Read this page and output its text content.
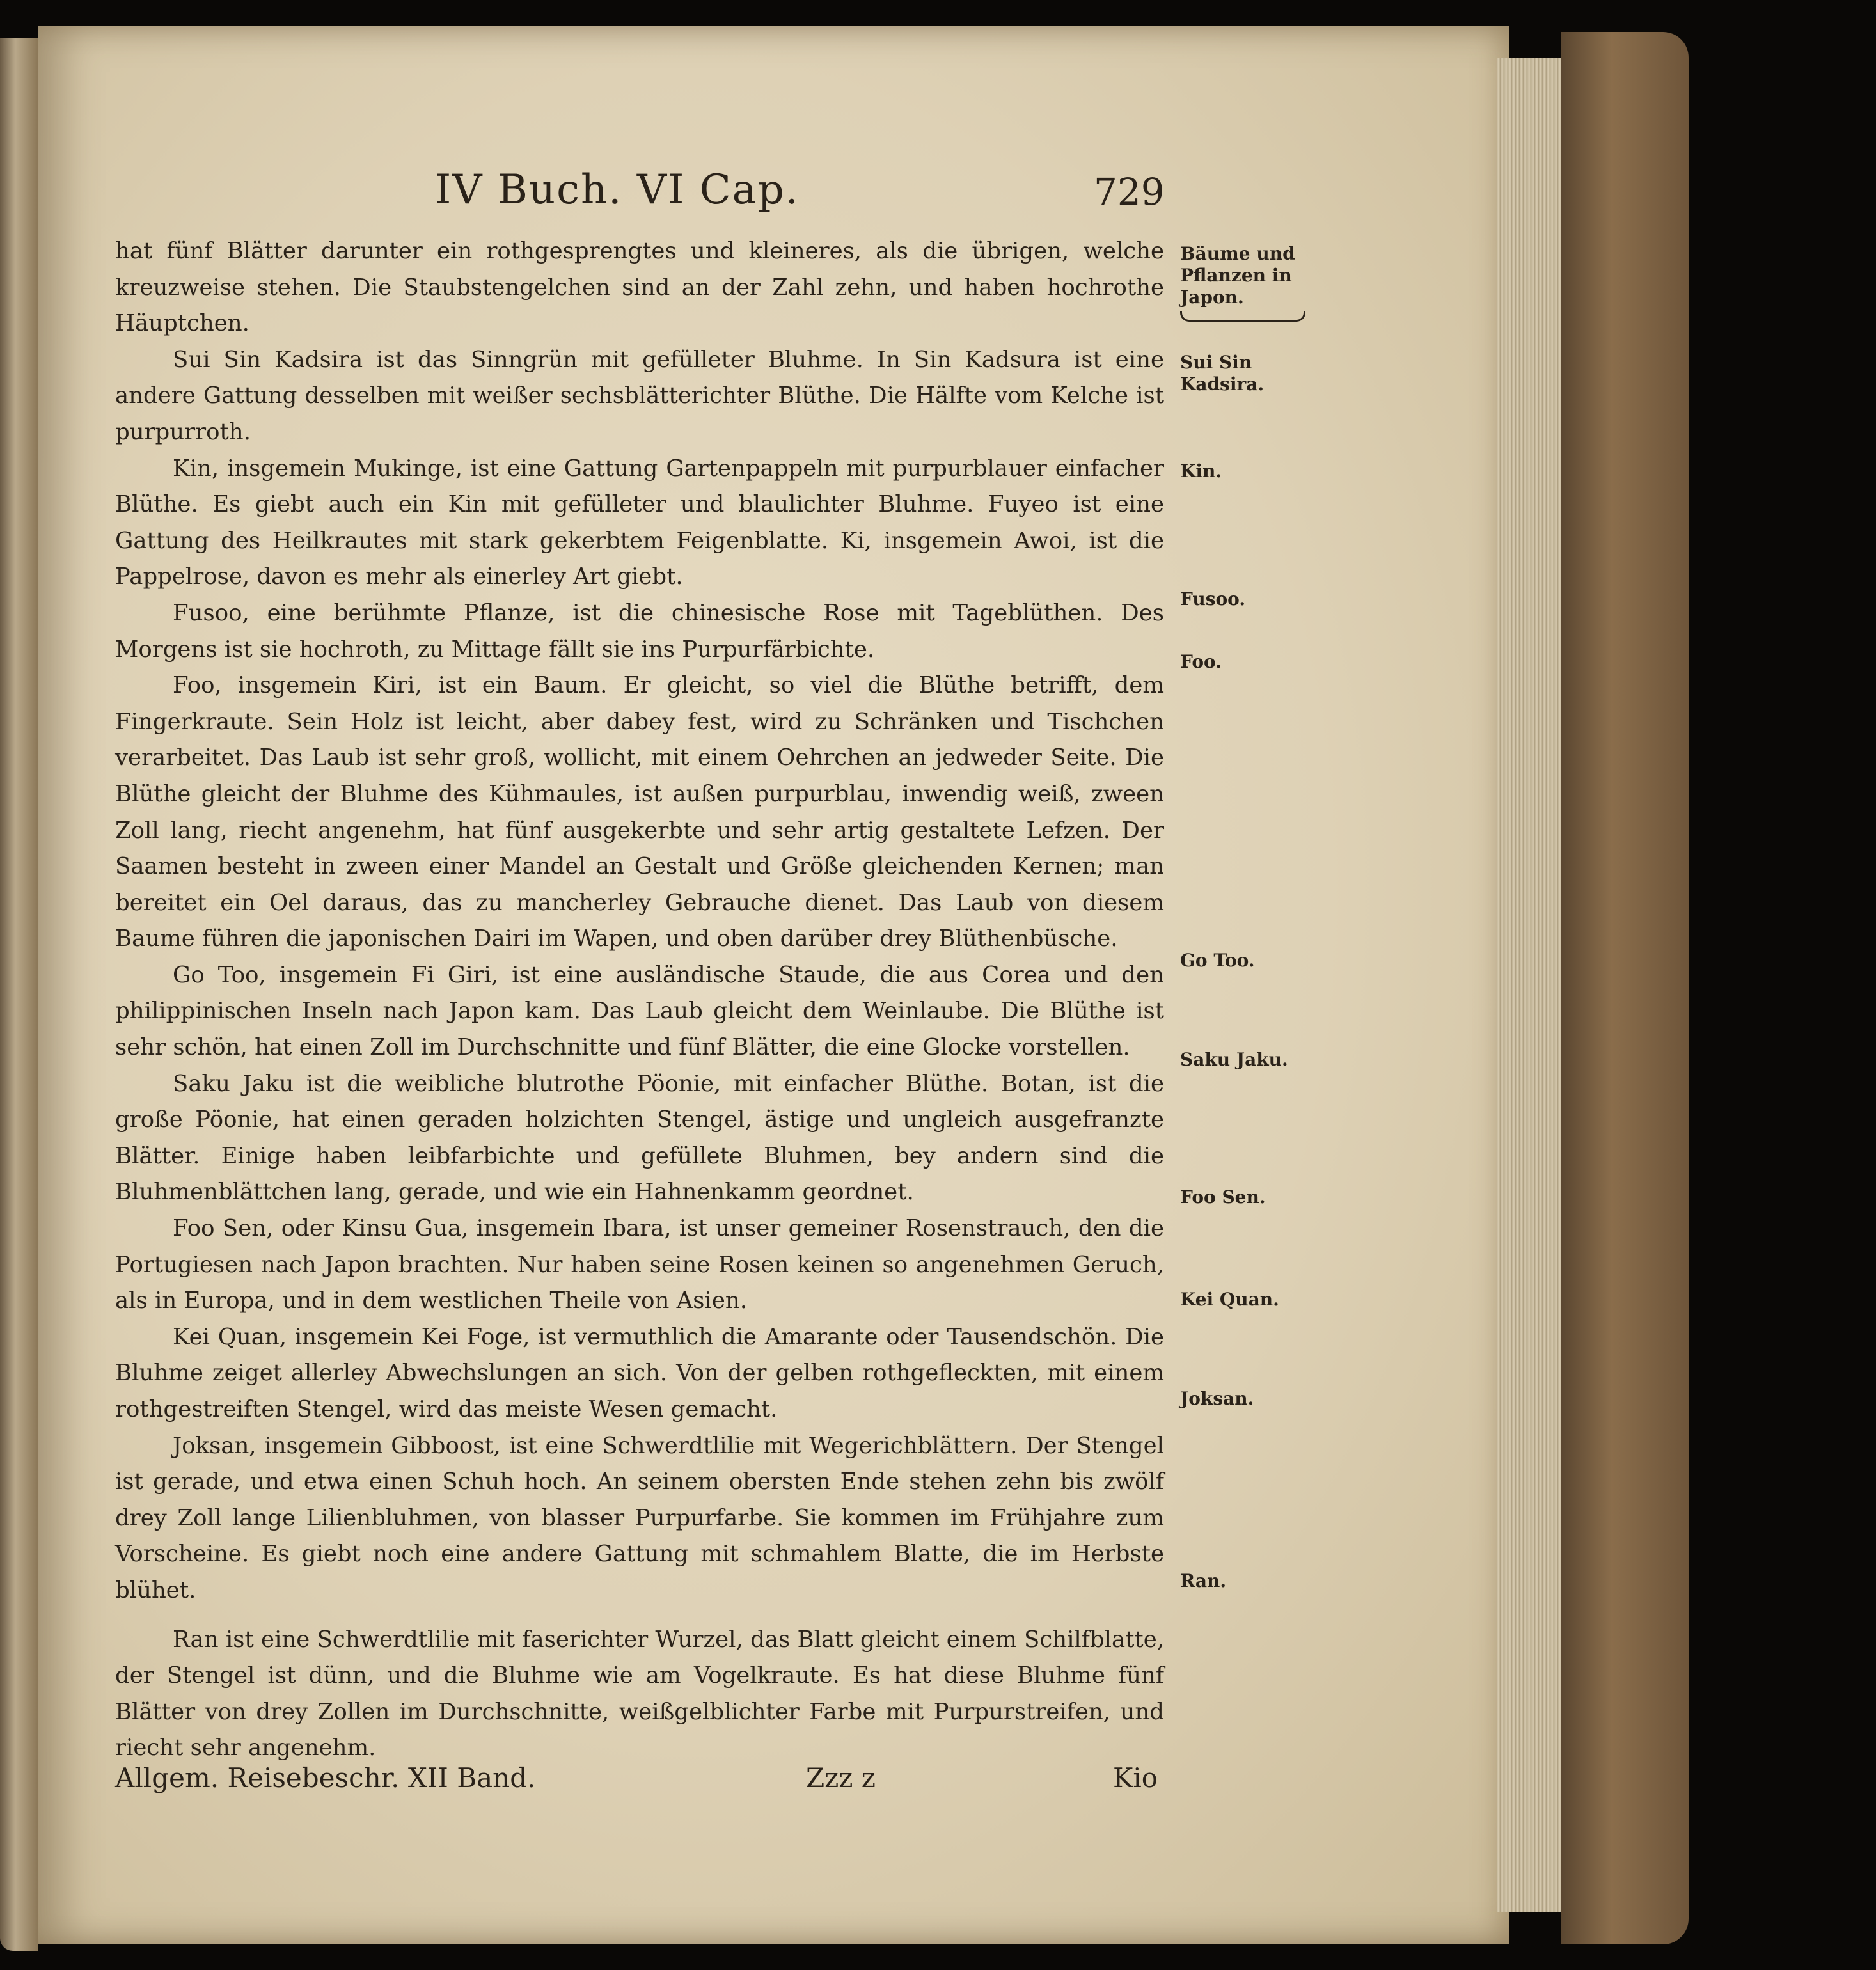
IV Buch. VI Cap.	729

hat fünf Blätter darunter ein rothgesprengtes und kleineres, als die übrigen, welche kreuzweise stehen. Die Staubstengelchen sind an der Zahl zehn, und haben hochrothe Häuptchen.

Sui Sin Kadsira ist das Sinngrün mit gefülleter Bluhme. In Sin Kadsura ist eine andere Gattung desselben mit weißer sechsblätterichter Blüthe. Die Hälfte vom Kelche ist purpurroth.

Kin, insgemein Mukinge, ist eine Gattung Gartenpappeln mit purpurblauer einfacher Blüthe. Es giebt auch ein Kin mit gefülleter und blaulichter Bluhme. Fuyeo ist eine Gattung des Heilkrautes mit stark gekerbtem Feigenblatte. Ki, insgemein Awoi, ist die Pappelrose, davon es mehr als einerley Art giebt.

Fusoo, eine berühmte Pflanze, ist die chinesische Rose mit Tageblüthen. Des Morgens ist sie hochroth, zu Mittage fällt sie ins Purpurfärbichte.

Foo, insgemein Kiri, ist ein Baum. Er gleicht, so viel die Blüthe betrifft, dem Fingerkraute. Sein Holz ist leicht, aber dabey fest, wird zu Schränken und Tischchen verarbeitet. Das Laub ist sehr groß, wollicht, mit einem Oehrchen an jedweder Seite. Die Blüthe gleicht der Bluhme des Kühmaules, ist außen purpurblau, inwendig weiß, zween Zoll lang, riecht angenehm, hat fünf ausgekerbte und sehr artig gestaltete Lefzen. Der Saamen besteht in zween einer Mandel an Gestalt und Größe gleichenden Kernen; man bereitet ein Oel daraus, das zu mancherley Gebrauche dienet. Das Laub von diesem Baume führen die japonischen Dairi im Wapen, und oben darüber drey Blüthenbüsche.

Go Too, insgemein Fi Giri, ist eine ausländische Staude, die aus Corea und den philippinischen Inseln nach Japon kam. Das Laub gleicht dem Weinlaube. Die Blüthe ist sehr schön, hat einen Zoll im Durchschnitte und fünf Blätter, die eine Glocke vorstellen.

Saku Jaku ist die weibliche blutrothe Pöonie, mit einfacher Blüthe. Botan, ist die große Pöonie, hat einen geraden holzichten Stengel, ästige und ungleich ausgefranzte Blätter. Einige haben leibfarbichte und gefüllete Bluhmen, bey andern sind die Bluhmenblättchen lang, gerade, und wie ein Hahnenkamm geordnet.

Foo Sen, oder Kinsu Gua, insgemein Ibara, ist unser gemeiner Rosenstrauch, den die Portugiesen nach Japon brachten. Nur haben seine Rosen keinen so angenehmen Geruch, als in Europa, und in dem westlichen Theile von Asien.

Kei Quan, insgemein Kei Foge, ist vermuthlich die Amarante oder Tausendschön. Die Bluhme zeiget allerley Abwechslungen an sich. Von der gelben rothgefleckten, mit einem rothgestreiften Stengel, wird das meiste Wesen gemacht.

Joksan, insgemein Gibboost, ist eine Schwerdtlilie mit Wegerichblättern. Der Stengel ist gerade, und etwa einen Schuh hoch. An seinem obersten Ende stehen zehn bis zwölf drey Zoll lange Lilienbluhmen, von blasser Purpurfarbe. Sie kommen im Frühjahre zum Vorscheine. Es giebt noch eine andere Gattung mit schmahlem Blatte, die im Herbste blühet.

Ran ist eine Schwerdtlilie mit faserichter Wurzel, das Blatt gleicht einem Schilfblatte, der Stengel ist dünn, und die Bluhme wie am Vogelkraute. Es hat diese Bluhme fünf Blätter von drey Zollen im Durchschnitte, weißgelblichter Farbe mit Purpurstreifen, und riecht sehr angenehm.

Bäume und Pflanzen in Japon.
Sui Sin Kadsira.
Kin.
Fusoo.
Foo.
Go Too.
Saku Jaku.
Foo Sen.
Kei Quan.
Joksan.
Ran.
Allgem. Reisebeschr. XII Band.	Zzz z	Kio
